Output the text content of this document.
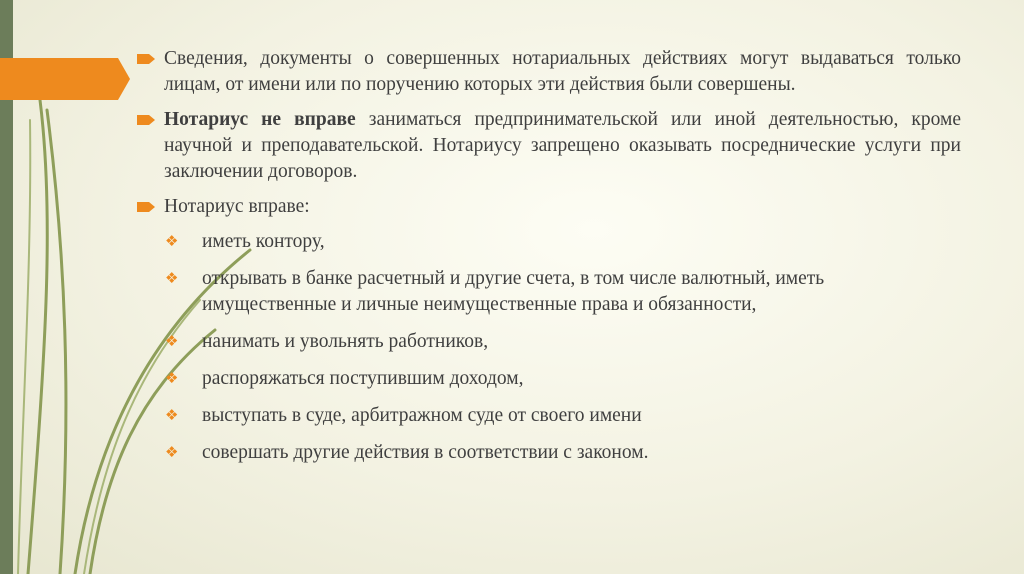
Сведения, документы о совершенных нотариальных действиях могут выдаваться только лицам, от имени или по поручению которых эти действия были совершены.
Нотариус не вправе заниматься предпринимательской или иной деятельностью, кроме научной и преподавательской. Нотариусу запрещено оказывать посреднические услуги при заключении договоров.
Нотариус вправе:
❖ иметь контору,
❖ открывать в банке расчетный и другие счета, в том числе валютный, иметь имущественные и личные неимущественные права и обязанности,
❖ нанимать и увольнять работников,
❖ распоряжаться поступившим доходом,
❖ выступать в суде, арбитражном суде от своего имени
❖ совершать другие действия в соответствии с законом.
